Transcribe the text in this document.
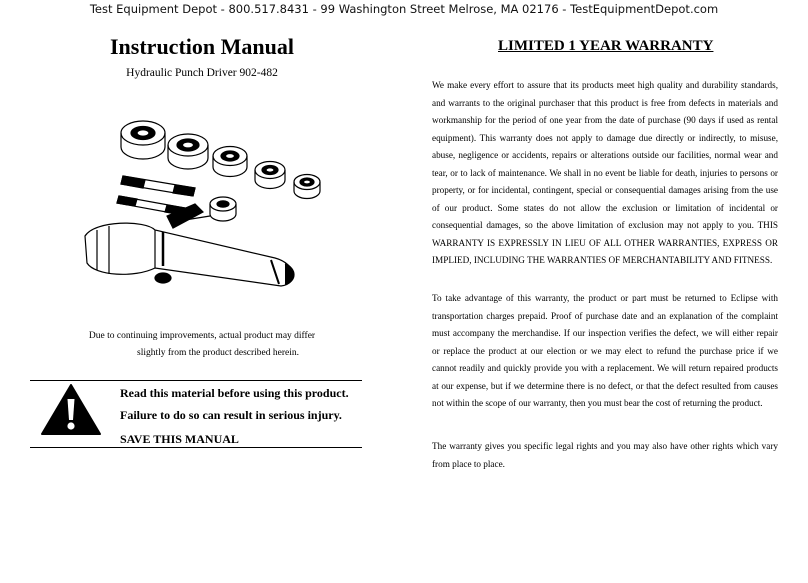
Test Equipment Depot - 800.517.8431 - 99 Washington Street Melrose, MA 02176 - TestEquipmentDepot.com
Instruction Manual
Hydraulic Punch Driver 902-482
Due to continuing improvements, actual product may differ
slightly from the product described herein.
Read this material before using this product.
Failure to do so can result in serious injury.
SAVE THIS MANUAL
LIMITED 1 YEAR WARRANTY
We make every effort to assure that its products meet high quality and durability standards, and warrants to the original purchaser that this product is free from defects in materials and workmanship for the period of one year from the date of purchase (90 days if used as rental equipment). This warranty does not apply to damage due directly or indirectly, to misuse, abuse, negligence or accidents, repairs or alterations outside our facilities, normal wear and tear, or to lack of maintenance. We shall in no event be liable for death, injuries to persons or property, or for incidental, contingent, special or consequential damages arising from the use of our product. Some states do not allow the exclusion or limitation of incidental or consequential damages, so the above limitation of exclusion may not apply to you. THIS WARRANTY IS EXPRESSLY IN LIEU OF ALL OTHER WARRANTIES, EXPRESS OR IMPLIED, INCLUDING THE WARRANTIES OF MERCHANTABILITY AND FITNESS.
To take advantage of this warranty, the product or part must be returned to Eclipse with transportation charges prepaid. Proof of purchase date and an explanation of the complaint must accompany the merchandise. If our inspection verifies the defect, we will either repair or replace the product at our election or we may elect to refund the purchase price if we cannot readily and quickly provide you with a replacement. We will return repaired products at our expense, but if we determine there is no defect, or that the defect resulted from causes not within the scope of our warranty, then you must bear the cost of returning the product.
The warranty gives you specific legal rights and you may also have other rights which vary from place to place.
